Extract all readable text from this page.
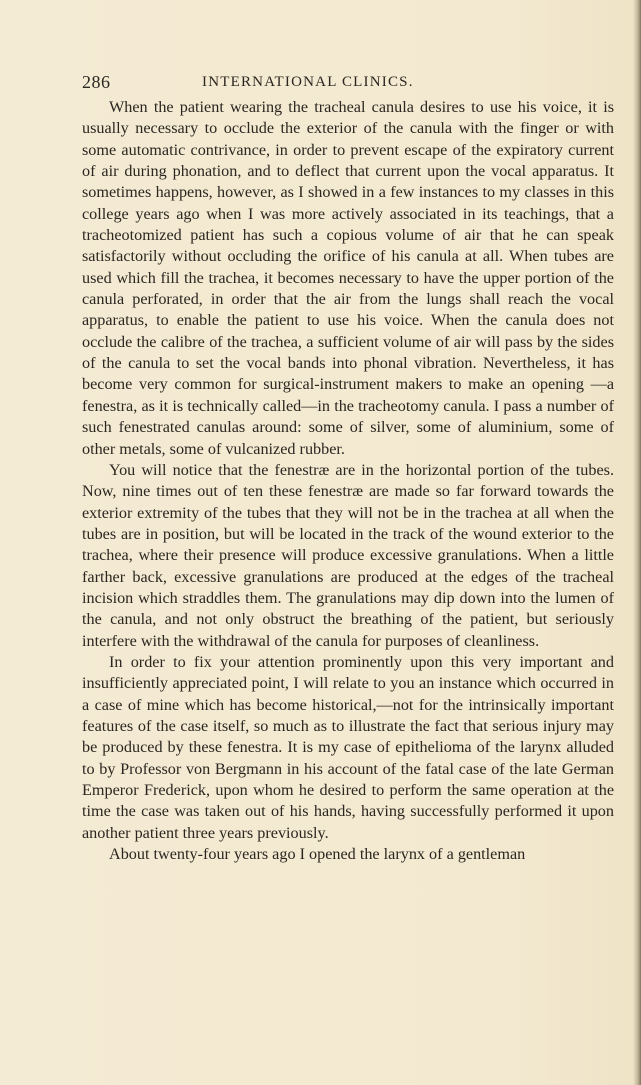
286	INTERNATIONAL CLINICS.

When the patient wearing the tracheal canula desires to use his voice, it is usually necessary to occlude the exterior of the canula with the finger or with some automatic contrivance, in order to prevent escape of the expiratory current of air during phonation, and to deflect that current upon the vocal apparatus. It sometimes happens, however, as I showed in a few instances to my classes in this college years ago when I was more actively associated in its teachings, that a tracheotomized patient has such a copious volume of air that he can speak satisfactorily without occluding the orifice of his canula at all. When tubes are used which fill the trachea, it becomes necessary to have the upper portion of the canula perforated, in order that the air from the lungs shall reach the vocal apparatus, to enable the patient to use his voice. When the canula does not occlude the calibre of the trachea, a sufficient volume of air will pass by the sides of the canula to set the vocal bands into phonal vibration. Nevertheless, it has become very common for surgical-instrument makers to make an opening —a fenestra, as it is technically called—in the tracheotomy canula. I pass a number of such fenestrated canulas around: some of silver, some of aluminium, some of other metals, some of vulcanized rubber.

You will notice that the fenestræ are in the horizontal portion of the tubes. Now, nine times out of ten these fenestræ are made so far forward towards the exterior extremity of the tubes that they will not be in the trachea at all when the tubes are in position, but will be located in the track of the wound exterior to the trachea, where their presence will produce excessive granulations. When a little farther back, excessive granulations are produced at the edges of the tracheal incision which straddles them. The granulations may dip down into the lumen of the canula, and not only obstruct the breathing of the patient, but seriously interfere with the withdrawal of the canula for purposes of cleanliness.

In order to fix your attention prominently upon this very important and insufficiently appreciated point, I will relate to you an instance which occurred in a case of mine which has become historical,—not for the intrinsically important features of the case itself, so much as to illustrate the fact that serious injury may be produced by these fenestra. It is my case of epithelioma of the larynx alluded to by Professor von Bergmann in his account of the fatal case of the late German Emperor Frederick, upon whom he desired to perform the same operation at the time the case was taken out of his hands, having successfully performed it upon another patient three years previously.

About twenty-four years ago I opened the larynx of a gentleman
